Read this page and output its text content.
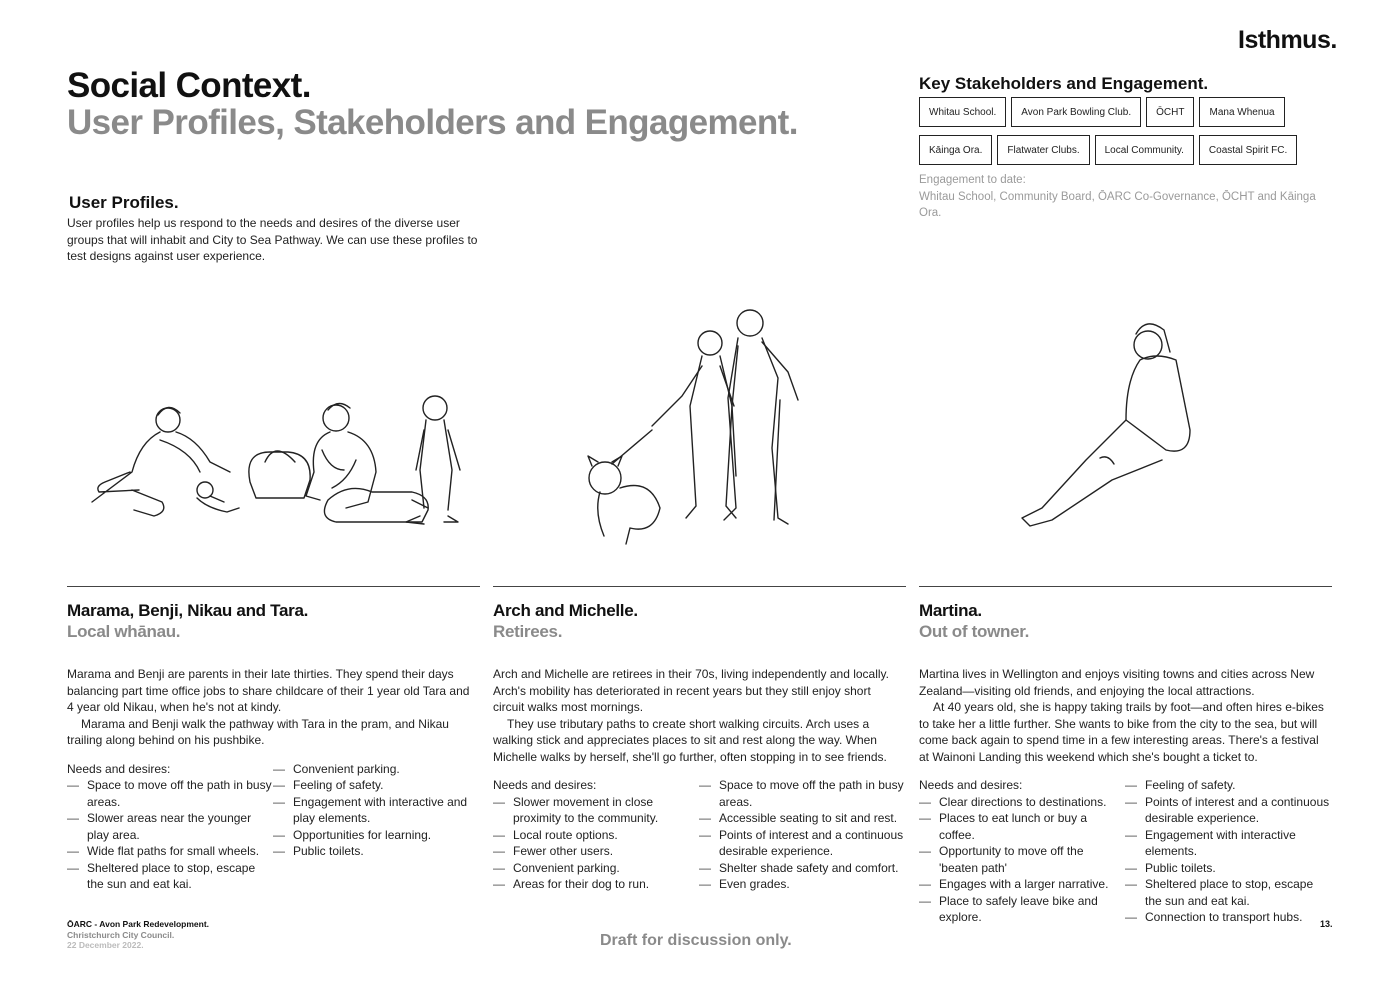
Isthmus.
Social Context.
User Profiles, Stakeholders and Engagement.
User Profiles.
User profiles help us respond to the needs and desires of the diverse user groups that will inhabit and City to Sea Pathway. We can use these profiles to test designs against user experience.
Key Stakeholders and Engagement.
Whitau School.	Avon Park Bowling Club.	ŌCHT	Mana Whenua
Kāinga Ora.	Flatwater Clubs.	Local Community.	Coastal Spirit FC.
Engagement to date:
Whitau School, Community Board, ŌARC Co-Governance, ŌCHT and Kāinga Ora.
Marama, Benji, Nikau and Tara.
Local whānau.

Marama and Benji are parents in their late thirties. They spend their days balancing part time office jobs to share childcare of their 1 year old Tara and 4 year old Nikau, when he's not at kindy.

Marama and Benji walk the pathway with Tara in the pram, and Nikau trailing along behind on his pushbike.

Needs and desires:
— Space to move off the path in busy areas.
— Slower areas near the younger play area.
— Wide flat paths for small wheels.
— Sheltered place to stop, escape the sun and eat kai.
— Convenient parking.
— Feeling of safety.
— Engagement with interactive and play elements.
— Opportunities for learning.
— Public toilets.
Arch and Michelle.
Retirees.

Arch and Michelle are retirees in their 70s, living independently and locally. Arch's mobility has deteriorated in recent years but they still enjoy short circuit walks most mornings.

They use tributary paths to create short walking circuits. Arch uses a walking stick and appreciates places to sit and rest along the way. When Michelle walks by herself, she'll go further, often stopping in to see friends.

Needs and desires:
— Slower movement in close proximity to the community.
— Local route options.
— Fewer other users.
— Convenient parking.
— Areas for their dog to run.
— Space to move off the path in busy areas.
— Accessible seating to sit and rest.
— Points of interest and a continuous desirable experience.
— Shelter shade safety and comfort.
— Even grades.
Martina.
Out of towner.

Martina lives in Wellington and enjoys visiting towns and cities across New Zealand—visiting old friends, and enjoying the local attractions.

At 40 years old, she is happy taking trails by foot—and often hires e-bikes to take her a little further. She wants to bike from the city to the sea, but will come back again to spend time in a few interesting areas. There's a festival at Wainoni Landing this weekend which she's bought a ticket to.

Needs and desires:
— Clear directions to destinations.
— Places to eat lunch or buy a coffee.
— Opportunity to move off the 'beaten path'
— Engages with a larger narrative.
— Place to safely leave bike and explore.
— Feeling of safety.
— Points of interest and a continuous desirable experience.
— Engagement with interactive elements.
— Public toilets.
— Sheltered place to stop, escape the sun and eat kai.
— Connection to transport hubs.
ŌARC - Avon Park Redevelopment.
Christchurch City Council.
22 December 2022.	Draft for discussion only.
13.
